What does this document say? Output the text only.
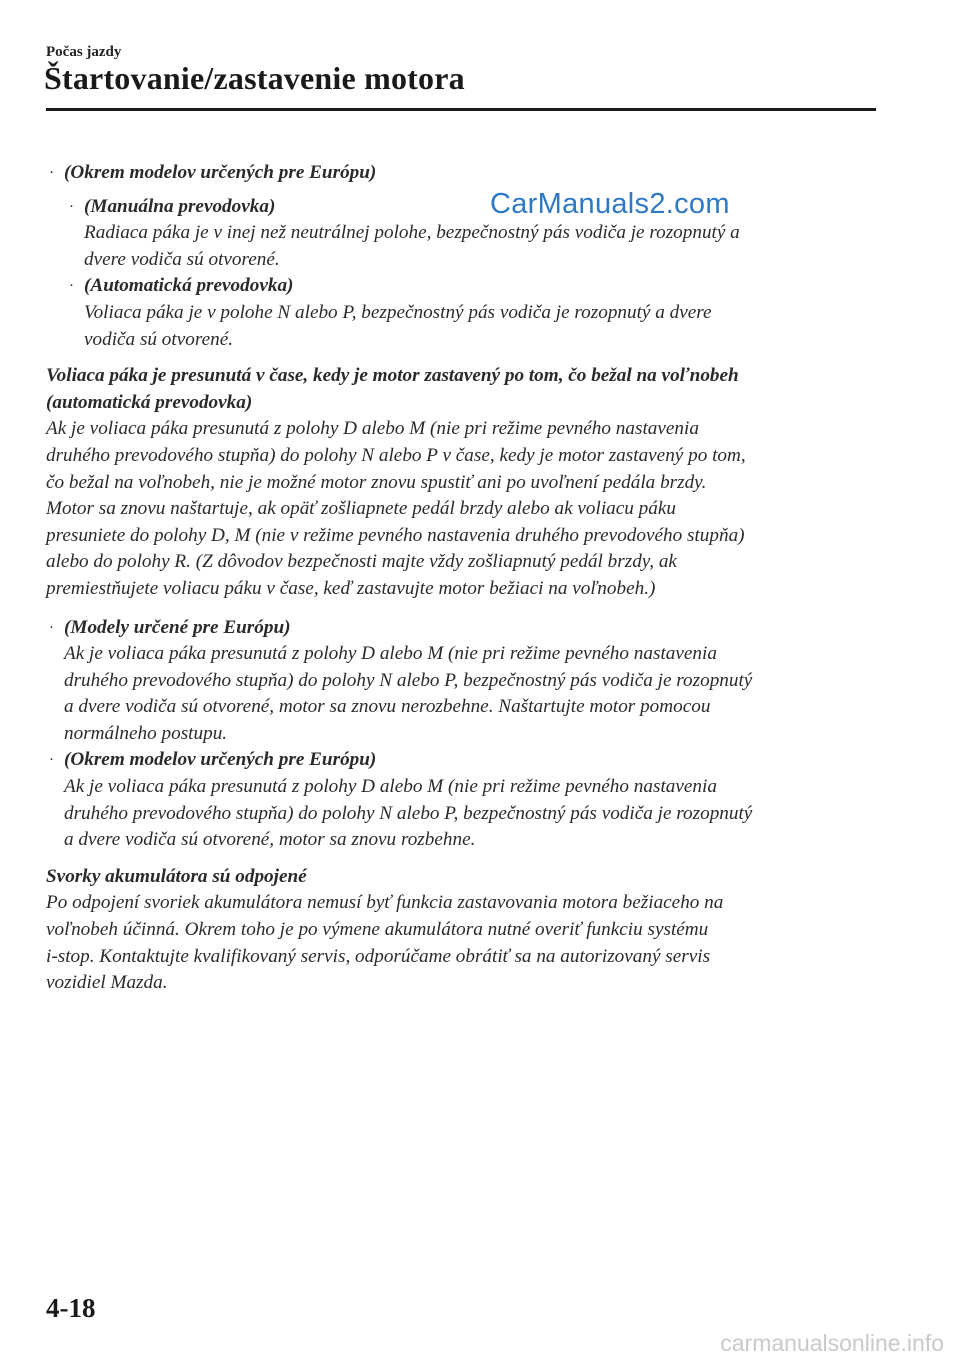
Počas jazdy
Štartovanie/zastavenie motora
CarManuals2.com
· (Okrem modelov určených pre Európu)
· (Manuálna prevodovka)
Radiaca páka je v inej než neutrálnej polohe, bezpečnostný pás vodiča je rozopnutý a
dvere vodiča sú otvorené.
· (Automatická prevodovka)
Voliaca páka je v polohe N alebo P, bezpečnostný pás vodiča je rozopnutý a dvere
vodiča sú otvorené.
Voliaca páka je presunutá v čase, kedy je motor zastavený po tom, čo bežal na voľnobeh
(automatická prevodovka)
Ak je voliaca páka presunutá z polohy D alebo M (nie pri režime pevného nastavenia
druhého prevodového stupňa) do polohy N alebo P v čase, kedy je motor zastavený po tom,
čo bežal na voľnobeh, nie je možné motor znovu spustiť ani po uvoľnení pedála brzdy.
Motor sa znovu naštartuje, ak opäť zošliapnete pedál brzdy alebo ak voliacu páku
presuniete do polohy D, M (nie v režime pevného nastavenia druhého prevodového stupňa)
alebo do polohy R. (Z dôvodov bezpečnosti majte vždy zošliapnutý pedál brzdy, ak
premiestňujete voliacu páku v čase, keď zastavujte motor bežiaci na voľnobeh.)
· (Modely určené pre Európu)
Ak je voliaca páka presunutá z polohy D alebo M (nie pri režime pevného nastavenia
druhého prevodového stupňa) do polohy N alebo P, bezpečnostný pás vodiča je rozopnutý
a dvere vodiča sú otvorené, motor sa znovu nerozbehne. Naštartujte motor pomocou
normálneho postupu.
· (Okrem modelov určených pre Európu)
Ak je voliaca páka presunutá z polohy D alebo M (nie pri režime pevného nastavenia
druhého prevodového stupňa) do polohy N alebo P, bezpečnostný pás vodiča je rozopnutý
a dvere vodiča sú otvorené, motor sa znovu rozbehne.
Svorky akumulátora sú odpojené
Po odpojení svoriek akumulátora nemusí byť funkcia zastavovania motora bežiaceho na
voľnobeh účinná. Okrem toho je po výmene akumulátora nutné overiť funkciu systému
i-stop. Kontaktujte kvalifikovaný servis, odporúčame obrátiť sa na autorizovaný servis
vozidiel Mazda.
4-18
carmanualsonline.info
